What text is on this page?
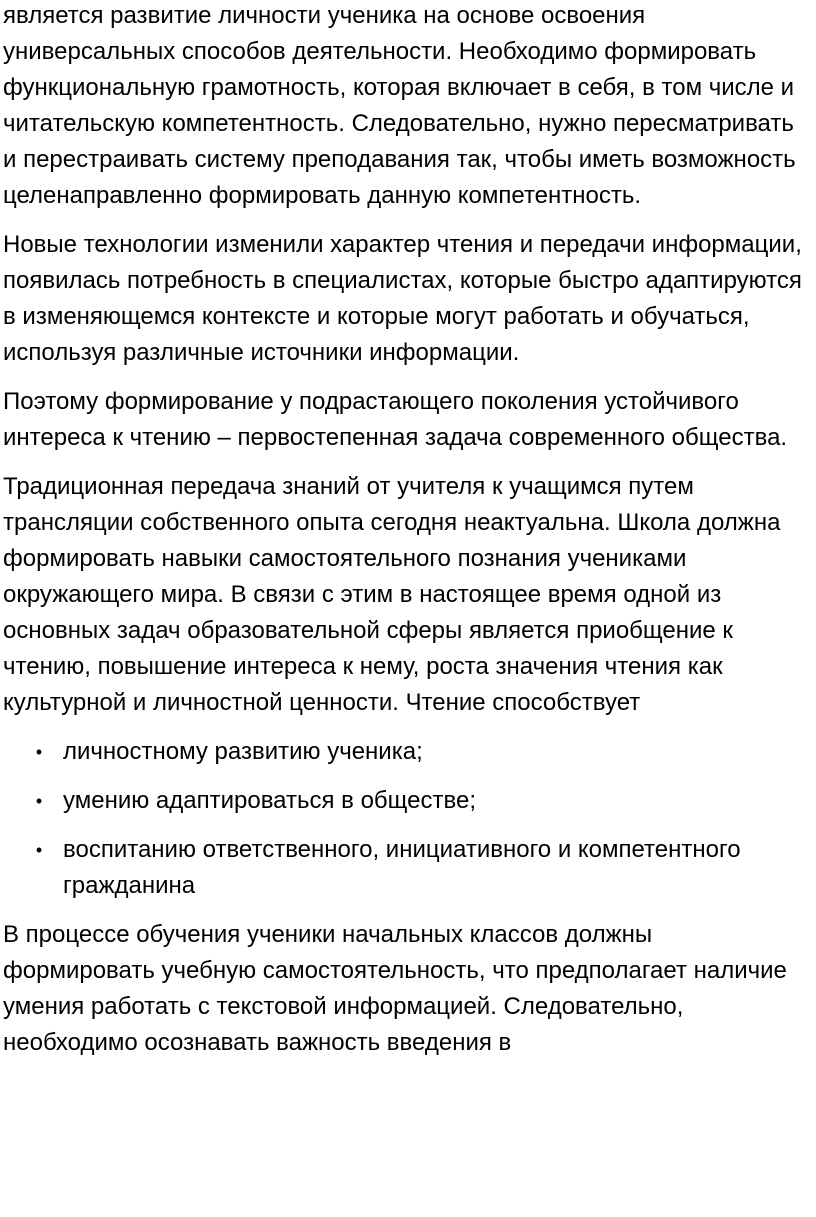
является развитие личности ученика на основе освоения универсальных способов деятельности. Необходимо формировать функциональную грамотность, которая включает в себя, в том числе и читательскую компетентность. Следовательно, нужно пересматривать и перестраивать систему преподавания так, чтобы иметь возможность целенаправленно формировать данную компетентность.

Новые технологии изменили характер чтения и передачи информации, появилась потребность в специалистах, которые быстро адаптируются в изменяющемся контексте и которые могут работать и обучаться, используя различные источники информации.

Поэтому формирование у подрастающего поколения устойчивого интереса к чтению – первостепенная задача современного общества.

Традиционная передача знаний от учителя к учащимся путем трансляции собственного опыта сегодня неактуальна. Школа должна формировать навыки самостоятельного познания учениками окружающего мира. В связи с этим в настоящее время одной из основных задач образовательной сферы является приобщение к чтению, повышение интереса к нему, роста значения чтения как культурной и личностной ценности. Чтение способствует

• личностному развитию ученика;
• умению адаптироваться в обществе;
• воспитанию ответственного, инициативного и компетентного гражданина

В процессе обучения ученики начальных классов должны формировать учебную самостоятельность, что предполагает наличие умения работать с текстовой информацией. Следовательно, необходимо осознавать важность введения в
